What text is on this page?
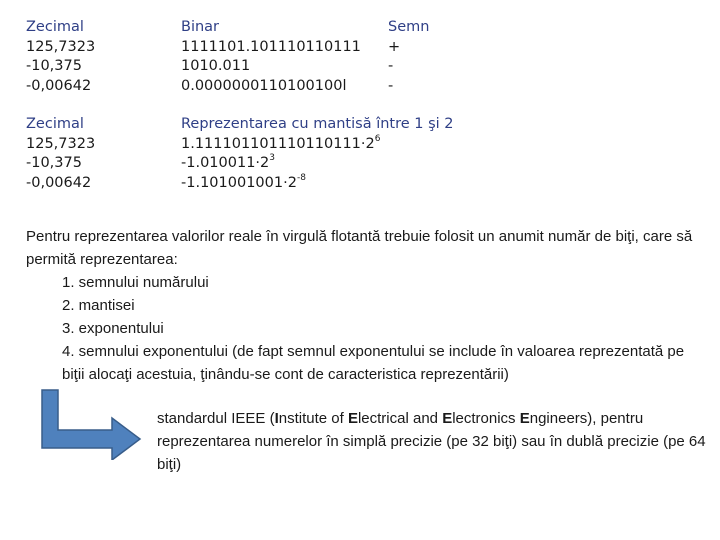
Zecimal	Binar	Semn
125,7323	1111101.101110110111 +
-10,375	1010.011	-
-0,00642	0.0000000110100100l	-
Zecimal	Reprezentarea cu mantisă între 1 şi 2
125,7323	$1.111101101110110111\cdot 2^6$
-10,375	$-1.010011\cdot 2^3$
-0,00642	$-1.101001001\cdot 2^{-8}$

Pentru reprezentarea valorilor reale în virgulă flotantă trebuie folosit un anumit număr de biţi, care să permită reprezentarea:

1. semnului numărului

2. mantisei

3. exponentului

4. semnului exponentului (de fapt semnul exponentului se include în valoarea reprezentată pe biţii alocaţi acestuia, ţinându-se cont de caracteristica reprezentării)

standardul IEEE (Institute of Electrical and Electronics Engineers), pentru reprezentarea numerelor în simplă precizie (pe 32 biţi) sau în dublă precizie (pe 64 biţi)
